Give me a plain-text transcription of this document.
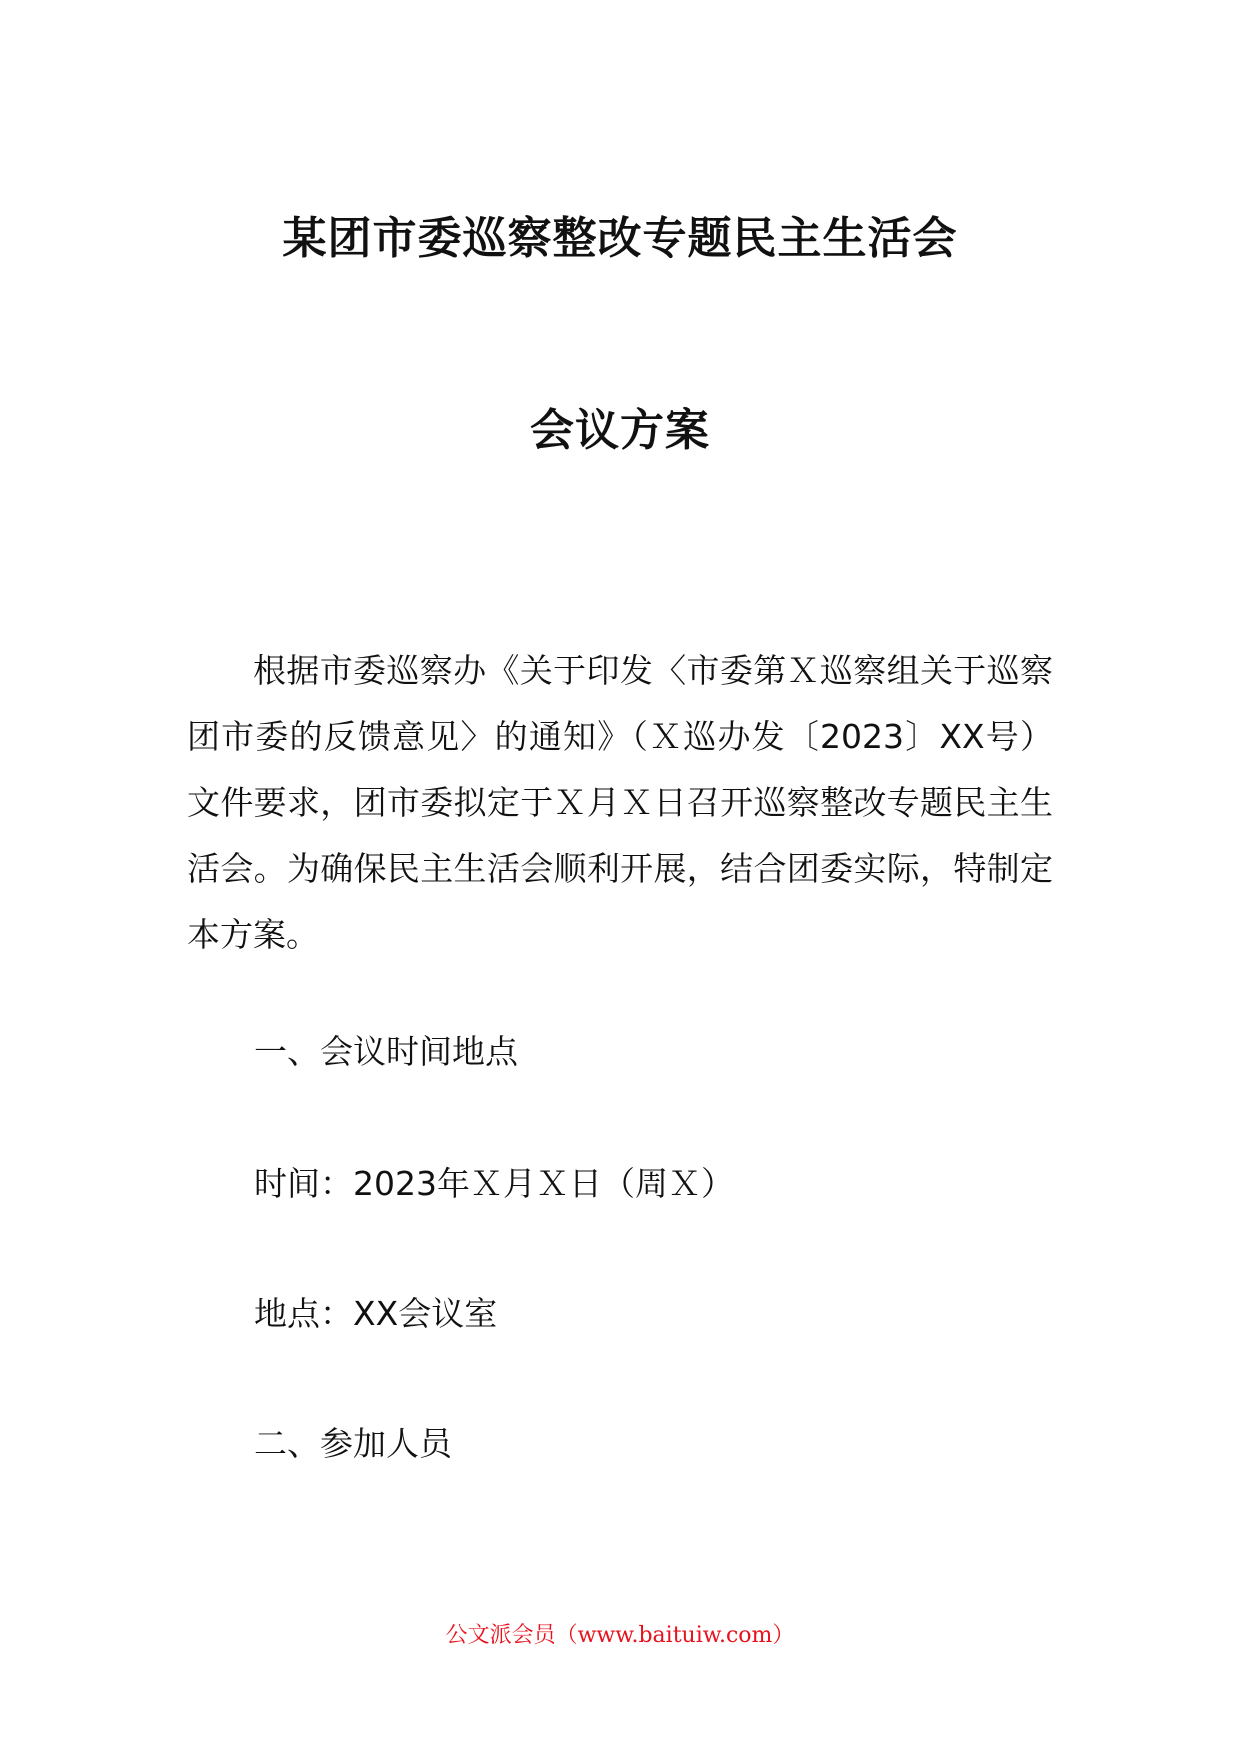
某团市委巡察整改专题民主生活会
会议方案

根据市委巡察办《关于印发〈市委第Ｘ巡察组关于巡察团市委的反馈意见〉的通知》（Ｘ巡办发〔2023〕XX号）文件要求，团市委拟定于Ｘ月Ｘ日召开巡察整改专题民主生活会。为确保民主生活会顺利开展，结合团委实际，特制定本方案。

一、会议时间地点

时间：2023年Ｘ月Ｘ日（周Ｘ）

地点：XX会议室

二、参加人员

公文派会员（www.baituiw.com）
